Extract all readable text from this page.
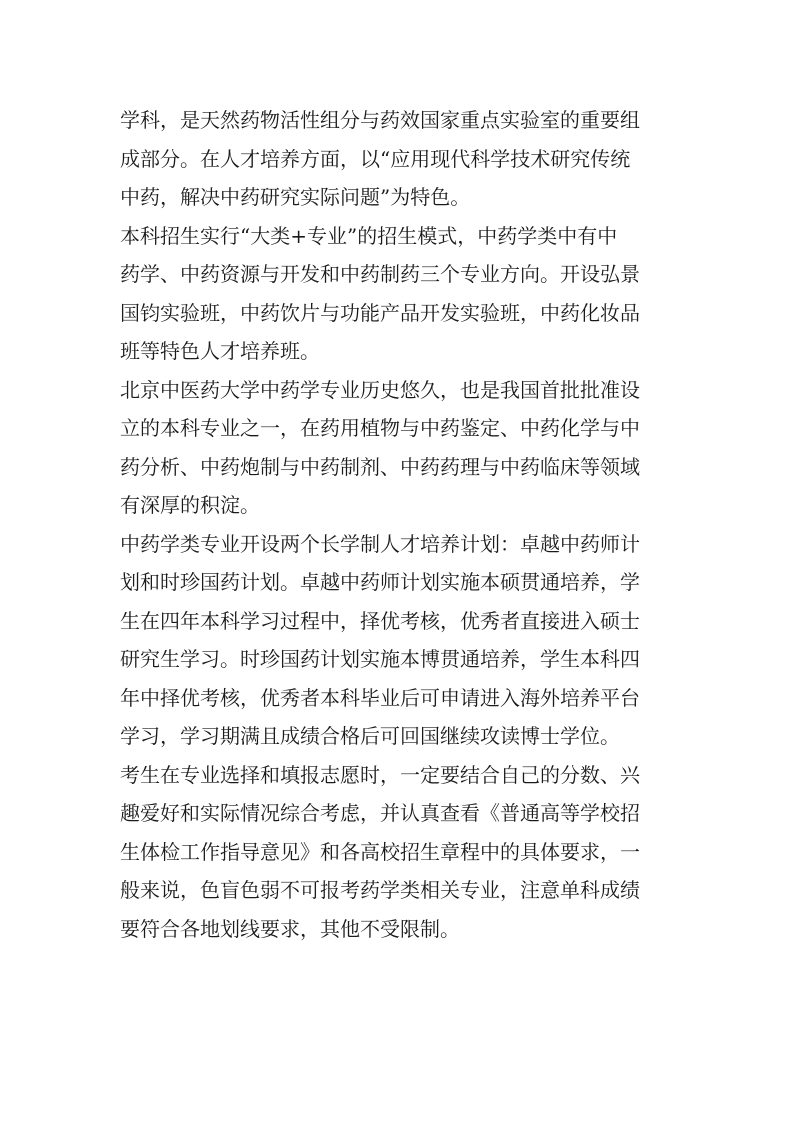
学科，是天然药物活性组分与药效国家重点实验室的重要组
成部分。在人才培养方面，以“应用现代科学技术研究传统
中药，解决中药研究实际问题”为特色。
本科招生实行“大类+专业”的招生模式，中药学类中有中
药学、中药资源与开发和中药制药三个专业方向。开设弘景
国钧实验班，中药饮片与功能产品开发实验班，中药化妆品
班等特色人才培养班。
北京中医药大学中药学专业历史悠久，也是我国首批批准设
立的本科专业之一，在药用植物与中药鉴定、中药化学与中
药分析、中药炮制与中药制剂、中药药理与中药临床等领域
有深厚的积淀。
中药学类专业开设两个长学制人才培养计划：卓越中药师计
划和时珍国药计划。卓越中药师计划实施本硕贯通培养，学
生在四年本科学习过程中，择优考核，优秀者直接进入硕士
研究生学习。时珍国药计划实施本博贯通培养，学生本科四
年中择优考核，优秀者本科毕业后可申请进入海外培养平台
学习，学习期满且成绩合格后可回国继续攻读博士学位。
考生在专业选择和填报志愿时，一定要结合自己的分数、兴
趣爱好和实际情况综合考虑，并认真查看《普通高等学校招
生体检工作指导意见》和各高校招生章程中的具体要求，一
般来说，色盲色弱不可报考药学类相关专业，注意单科成绩
要符合各地划线要求，其他不受限制。
